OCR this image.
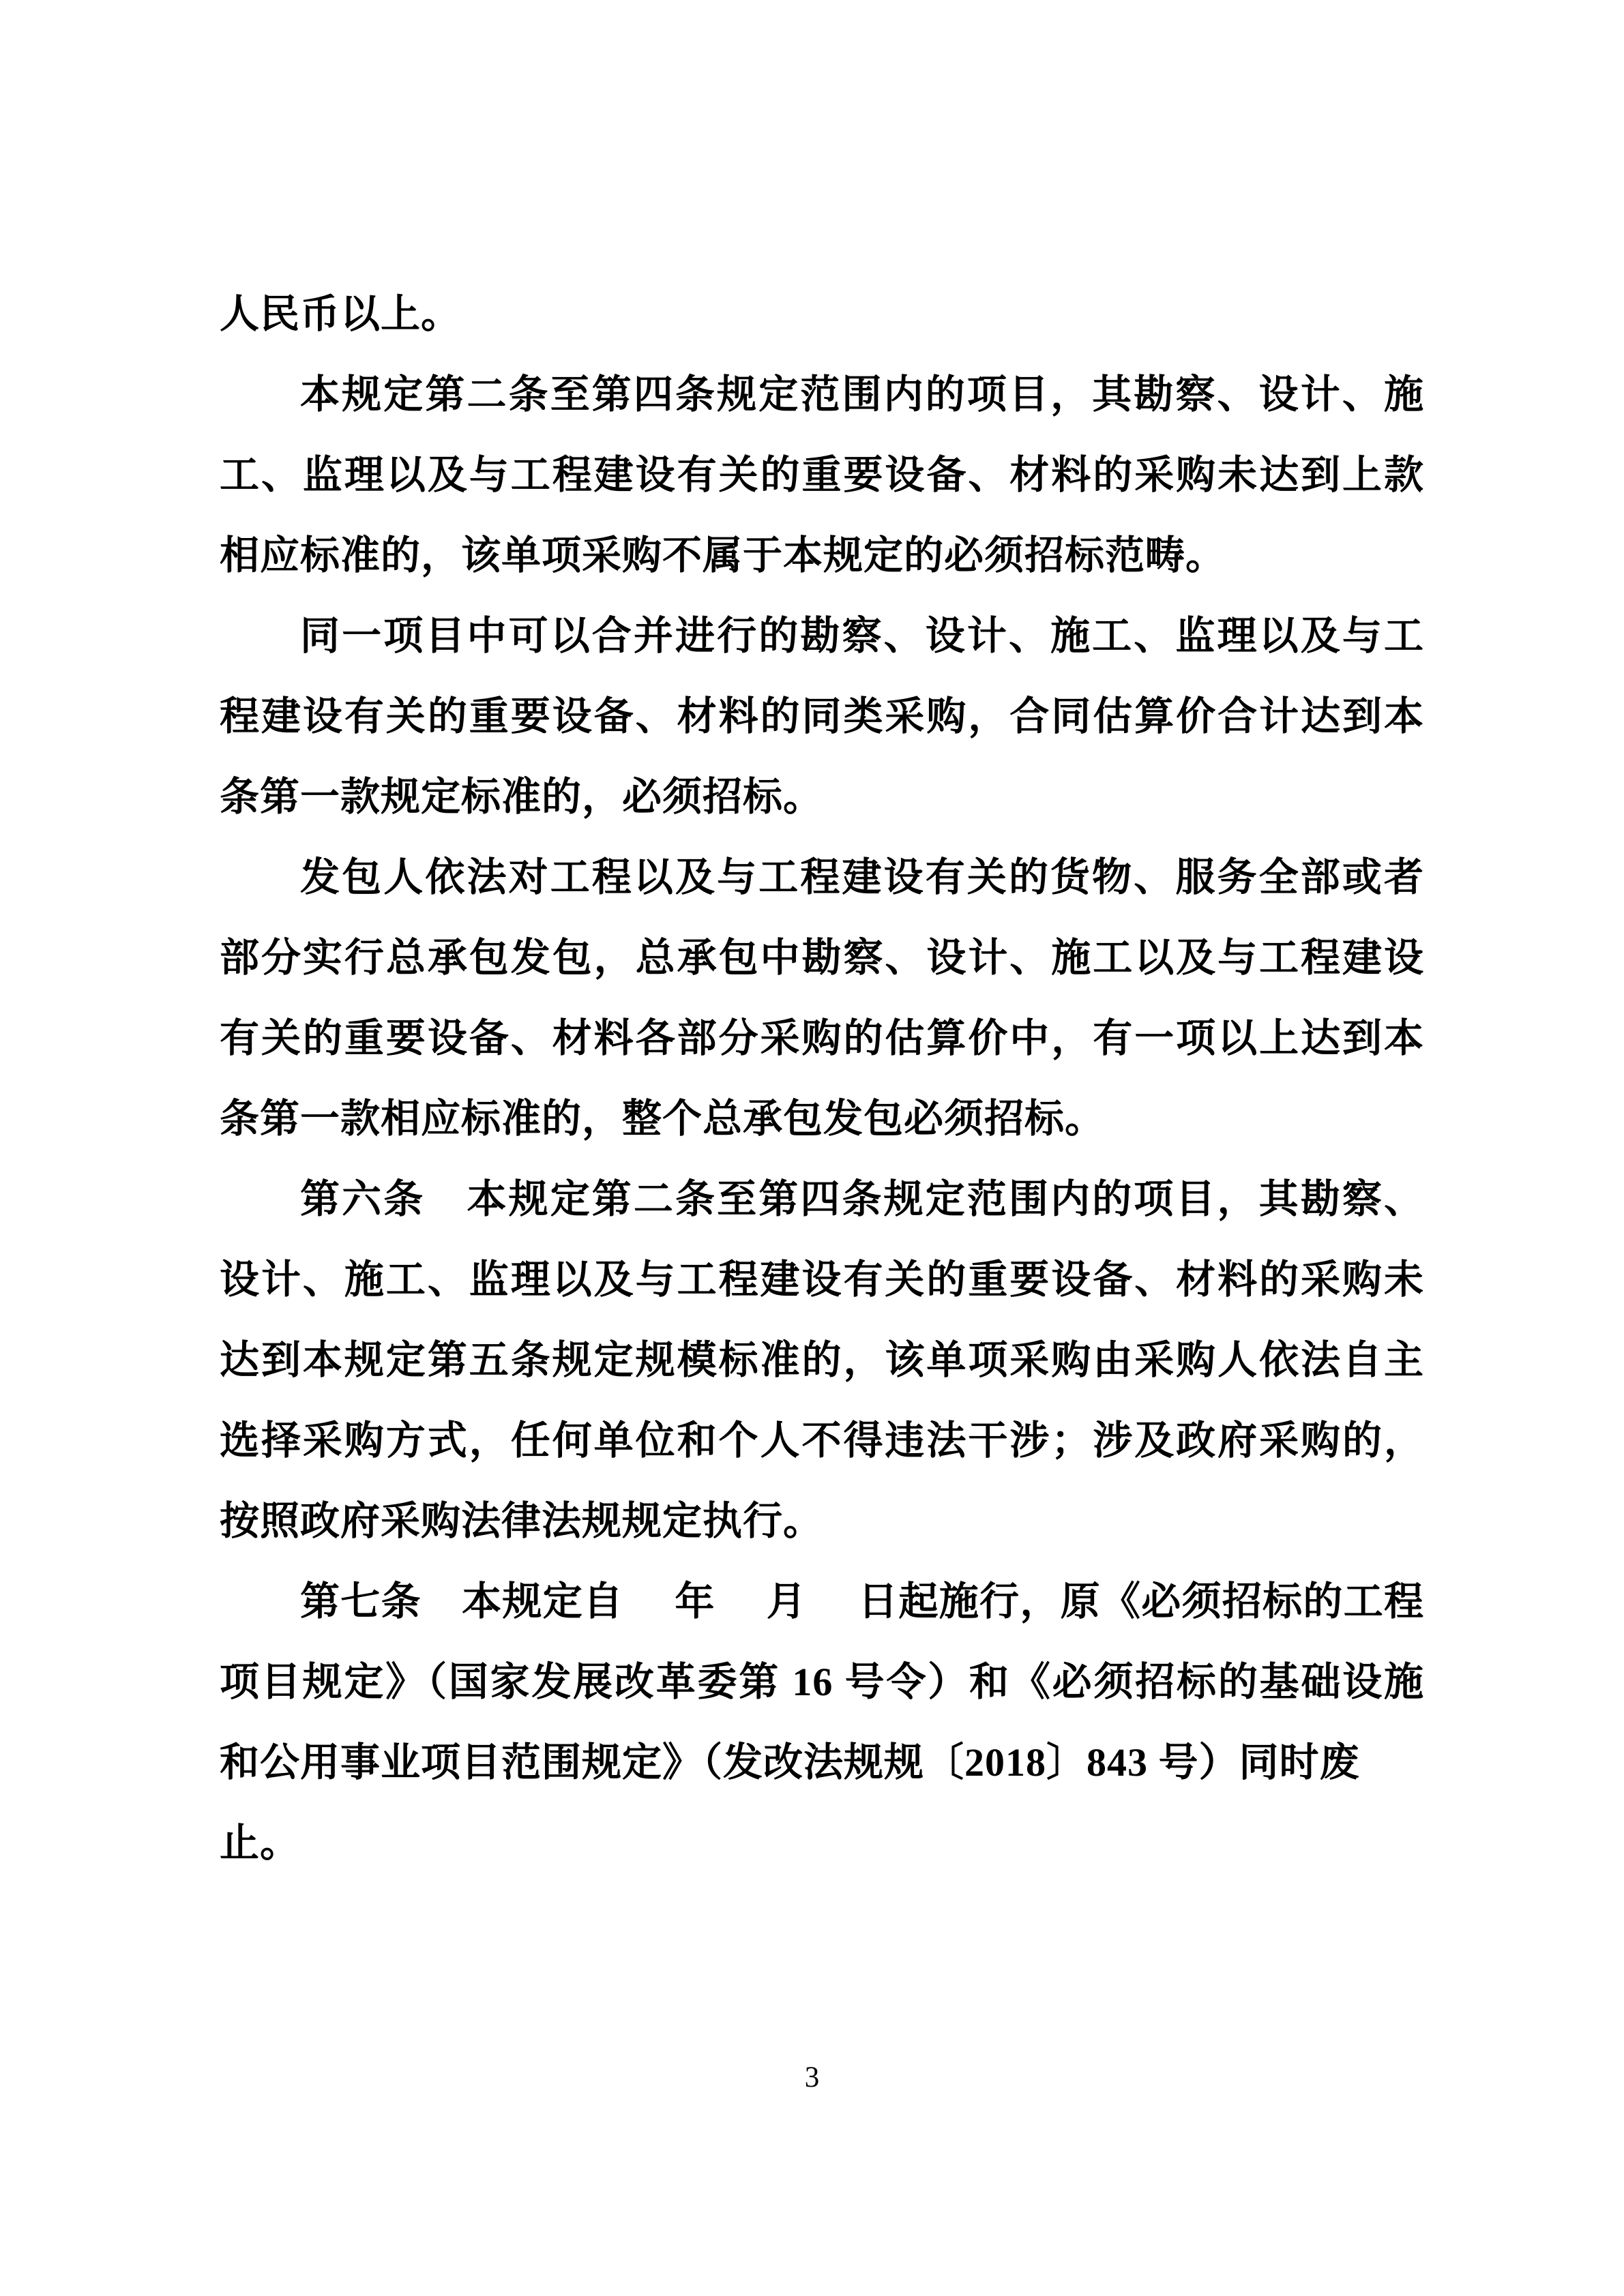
人民币以上。
本规定第二条至第四条规定范围内的项目，其勘察、设计、施
工、监理以及与工程建设有关的重要设备、材料的采购未达到上款
相应标准的，该单项采购不属于本规定的必须招标范畴。
同一项目中可以合并进行的勘察、设计、施工、监理以及与工
程建设有关的重要设备、材料的同类采购，合同估算价合计达到本
条第一款规定标准的，必须招标。
发包人依法对工程以及与工程建设有关的货物、服务全部或者
部分实行总承包发包，总承包中勘察、设计、施工以及与工程建设
有关的重要设备、材料各部分采购的估算价中，有一项以上达到本
条第一款相应标准的，整个总承包发包必须招标。
第六条　本规定第二条至第四条规定范围内的项目，其勘察、
设计、施工、监理以及与工程建设有关的重要设备、材料的采购未
达到本规定第五条规定规模标准的，该单项采购由采购人依法自主
选择采购方式，任何单位和个人不得违法干涉；涉及政府采购的，
按照政府采购法律法规规定执行。
第七条　本规定自　 年　 月　 日起施行，原《必须招标的工程
项目规定》（国家发展改革委第 16 号令）和《必须招标的基础设施
和公用事业项目范围规定》（发改法规规〔2018〕843 号）同时废止。
3
